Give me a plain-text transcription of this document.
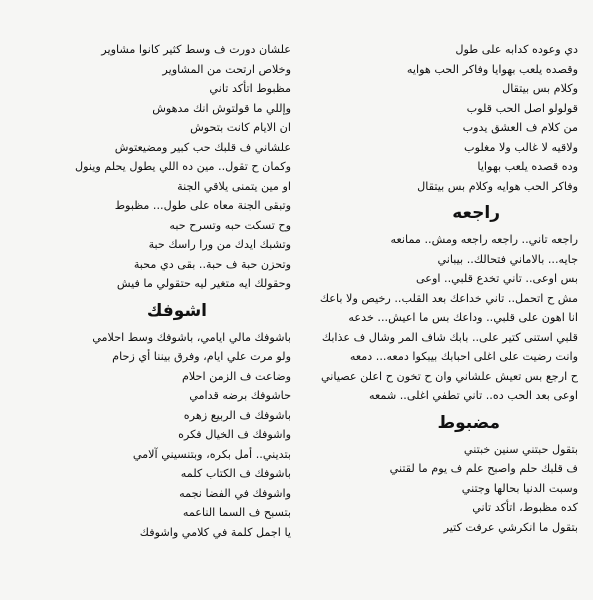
علشان دورت ف وسط كثير كانوا مشاوير
وخلاص ارتحت من المشاوير
مظبوط اتأكد تاني
وإللي ما قولتوش انك مدهوش
ان الايام كانت بتحوش
علشاني ف قلبك حب كبير ومضيعتوش
وكمان ح تقول.. مين ده اللي يطول يحلم وينول
او مين يتمنى يلاقي الجنة
وتبقى الجنة معاه على طول... مظبوط
وح تسكت حبه وتسرح حبه
وتشبك ايدك من ورا راسك حبة
وتحزن حبة ف حبة.. بقى دي محبة
وحقولك ايه متغير ليه حتقولي ما فيش
اشوفك
باشوفك مالي ايامي، باشوفك وسط احلامي
ولو مرت علي ايام، وفرق بيننا أي زحام
وضاعت ف الزمن احلام
حاشوفك برضه قدامي
باشوفك ف الربيع زهره
واشوفك ف الخيال فكره
بتديني.. أمل بكره، وبتنسيني آلامي
باشوفك ف الكتاب كلمه
واشوفك في الفضا نجمه
بتسبح ف السما الناعمه
يا اجمل كلمة في كلامي واشوفك
دي وعوده كدابه على طول
وقصده يلعب بهوايا وفاكر الحب هوايه
وكلام بس بيتقال
قولولو اصل الحب قلوب
من كلام ف العشق يدوب
ولاقيه لا غالب ولا مغلوب
وده قصده يلعب بهوايا
وفاكر الحب هوايه وكلام بس بيتقال
راجعه
راجعه تاني.. راجعه راجعه ومش.. ممانعه
جايه... بالاماني فتحالك.. بيباني
بس اوعى.. تاني تخدع قلبي.. اوعى
مش ح اتحمل.. تاني خداعك بعد القلب.. رخيص ولا باعك
انا اهون على قلبي.. وداعك بس ما اعيش... خدعه
قلبي استنى كتير على.. بابك شاف المر وشال ف عذابك
وانت رضيت على اغلى احبابك بيبكوا دمعه... دمعه
ح ارجع بس تعيش علشاني وان ح تخون ح اعلن عصياني
اوعى بعد الحب ده.. تاني تطفي اغلى.. شمعه
مضبوط
بتقول حبتني سنين خبتني
ف قلبك حلم واصبح علم ف يوم ما لقتني
وسبت الدنيا بحالها وجتني
كده مظبوط، اتأكد تاني
بتقول ما انكرشي عرفت كتير
